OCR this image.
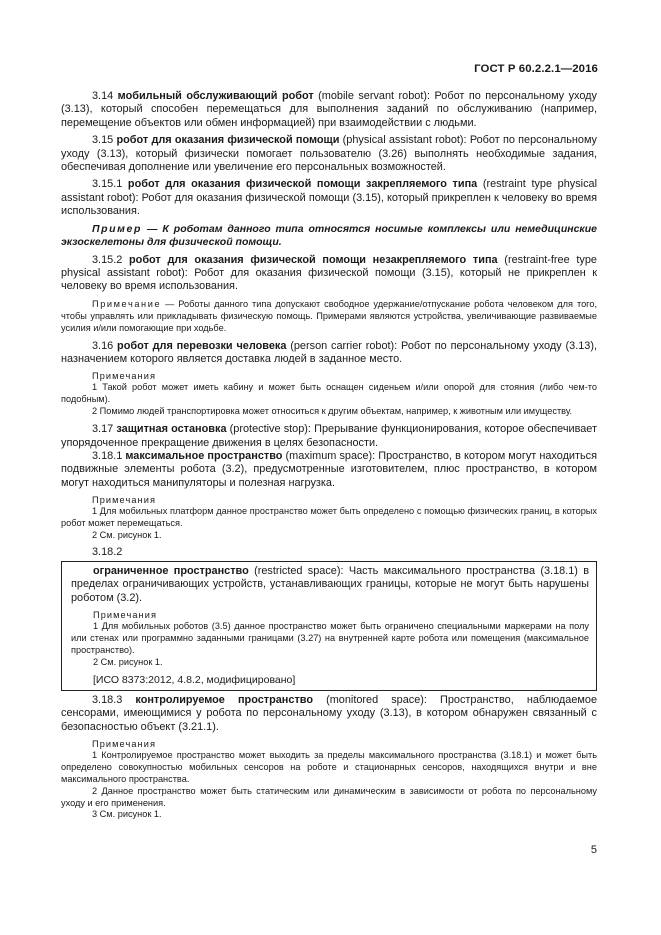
ГОСТ Р 60.2.2.1—2016

3.14 мобильный обслуживающий робот (mobile servant robot): Робот по персональному уходу (3.13), который способен перемещаться для выполнения заданий по обслуживанию (например, перемещение объектов или обмен информацией) при взаимодействии с людьми.

3.15 робот для оказания физической помощи (physical assistant robot): Робот по персональному уходу (3.13), который физически помогает пользователю (3.26) выполнять необходимые задания, обеспечивая дополнение или увеличение его персональных возможностей.

3.15.1 робот для оказания физической помощи закрепляемого типа (restraint type physical assistant robot): Робот для оказания физической помощи (3.15), который прикреплен к человеку во время использования.

Пример — К роботам данного типа относятся носимые комплексы или немедицинские экзоскелетоны для физической помощи.

3.15.2 робот для оказания физической помощи незакрепляемого типа (restraint-free type physical assistant robot): Робот для оказания физической помощи (3.15), который не прикреплен к человеку во время использования.

Примечание — Роботы данного типа допускают свободное удержание/отпускание робота человеком для того, чтобы управлять или прикладывать физическую помощь. Примерами являются устройства, увеличивающие развиваемые усилия и/или помогающие при ходьбе.

3.16 робот для перевозки человека (person carrier robot): Робот по персональному уходу (3.13), назначением которого является доставка людей в заданное место.

Примечания

1 Такой робот может иметь кабину и может быть оснащен сиденьем и/или опорой для стояния (либо чем-то подобным).

2 Помимо людей транспортировка может относиться к другим объектам, например, к животным или имуществу.

3.17 защитная остановка (protective stop): Прерывание функционирования, которое обеспечивает упорядоченное прекращение движения в целях безопасности.

3.18.1 максимальное пространство (maximum space): Пространство, в котором могут находиться подвижные элементы робота (3.2), предусмотренные изготовителем, плюс пространство, в котором могут находиться манипуляторы и полезная нагрузка.

Примечания

1 Для мобильных платформ данное пространство может быть определено с помощью физических границ, в которых робот может перемещаться.

2 См. рисунок 1.

3.18.2

ограниченное пространство (restricted space): Часть максимального пространства (3.18.1) в пределах ограничивающих устройств, устанавливающих границы, которые не могут быть нарушены роботом (3.2).

Примечания

1 Для мобильных роботов (3.5) данное пространство может быть ограничено специальными маркерами на полу или стенах или программно заданными границами (3.27) на внутренней карте робота или помещения (максимальное пространство).

2 См. рисунок 1.

[ИСО 8373:2012, 4.8.2, модифицировано]

3.18.3 контролируемое пространство (monitored space): Пространство, наблюдаемое сенсорами, имеющимися у робота по персональному уходу (3.13), в котором обнаружен связанный с безопасностью объект (3.21.1).

Примечания

1 Контролируемое пространство может выходить за пределы максимального пространства (3.18.1) и может быть определено совокупностью мобильных сенсоров на роботе и стационарных сенсоров, находящихся внутри и вне максимального пространства.

2 Данное пространство может быть статическим или динамическим в зависимости от робота по персональному уходу и его применения.

3 См. рисунок 1.

5
